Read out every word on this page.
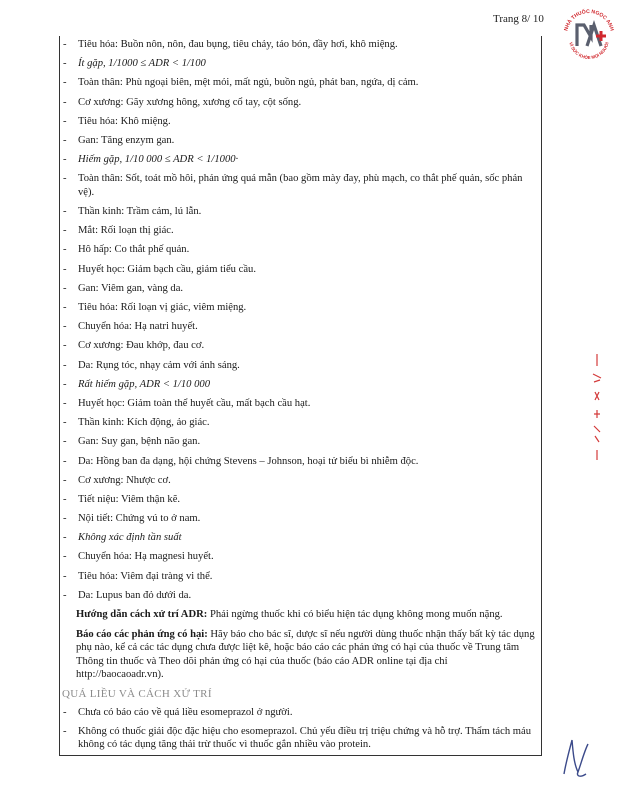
Trang 8/ 10
NHÀ THUỐC NGỌC ANH
VÌ SỨC KHỎE MỌI NGƯỜI
- Tiêu hóa: Buồn nôn, nôn, đau bụng, tiêu chảy, táo bón, đầy hơi, khô miệng.
- Ít gặp, 1/1000 ≤ ADR < 1/100
- Toàn thân: Phù ngoại biên, mệt mỏi, mất ngủ, buồn ngủ, phát ban, ngứa, dị cảm.
- Cơ xương: Gãy xương hông, xương cổ tay, cột sống.
- Tiêu hóa: Khô miệng.
- Gan: Tăng enzym gan.
- Hiếm gặp, 1/10 000 ≤ ADR < 1/1000·
- Toàn thân: Sốt, toát mồ hôi, phản ứng quá mẫn (bao gồm mày đay, phù mạch, co thắt phế quản, sốc phản vệ).
- Thần kinh: Trầm cảm, lú lẫn.
- Mắt: Rối loạn thị giác.
- Hô hấp: Co thắt phế quản.
- Huyết học: Giảm bạch cầu, giảm tiểu cầu.
- Gan: Viêm gan, vàng da.
- Tiêu hóa: Rối loạn vị giác, viêm miệng.
- Chuyển hóa: Hạ natri huyết.
- Cơ xương: Đau khớp, đau cơ.
- Da: Rụng tóc, nhạy cảm với ánh sáng.
- Rất hiếm gặp, ADR < 1/10 000
- Huyết học: Giảm toàn thể huyết cầu, mất bạch cầu hạt.
- Thần kinh: Kích động, ảo giác.
- Gan: Suy gan, bệnh não gan.
- Da: Hồng ban đa dạng, hội chứng Stevens – Johnson, hoại tử biểu bì nhiễm độc.
- Cơ xương: Nhược cơ.
- Tiết niệu: Viêm thận kẽ.
- Nội tiết: Chứng vú to ở nam.
- Không xác định tần suất
- Chuyển hóa: Hạ magnesi huyết.
- Tiêu hóa: Viêm đại tràng vi thể.
- Da: Lupus ban đỏ dưới da.
Hướng dẫn cách xử trí ADR: Phải ngừng thuốc khi có biểu hiện tác dụng không mong muốn nặng.
Báo cáo các phản ứng có hại: Hãy báo cho bác sĩ, dược sĩ nếu người dùng thuốc nhận thấy bất kỳ tác dụng phụ nào, kể cả các tác dụng chưa được liệt kê, hoặc báo cáo các phản ứng có hại của thuốc về Trung tâm Thông tin thuốc và Theo dõi phản ứng có hại của thuốc (báo cáo ADR online tại địa chỉ http://baocaoadr.vn).
QUÁ LIỀU VÀ CÁCH XỬ TRÍ
- Chưa có báo cáo về quá liều esomeprazol ở người.
- Không có thuốc giải độc đặc hiệu cho esomeprazol. Chủ yếu điều trị triệu chứng và hỗ trợ. Thẩm tách máu không có tác dụng tăng thải trừ thuốc vì thuốc gắn nhiều vào protein.
